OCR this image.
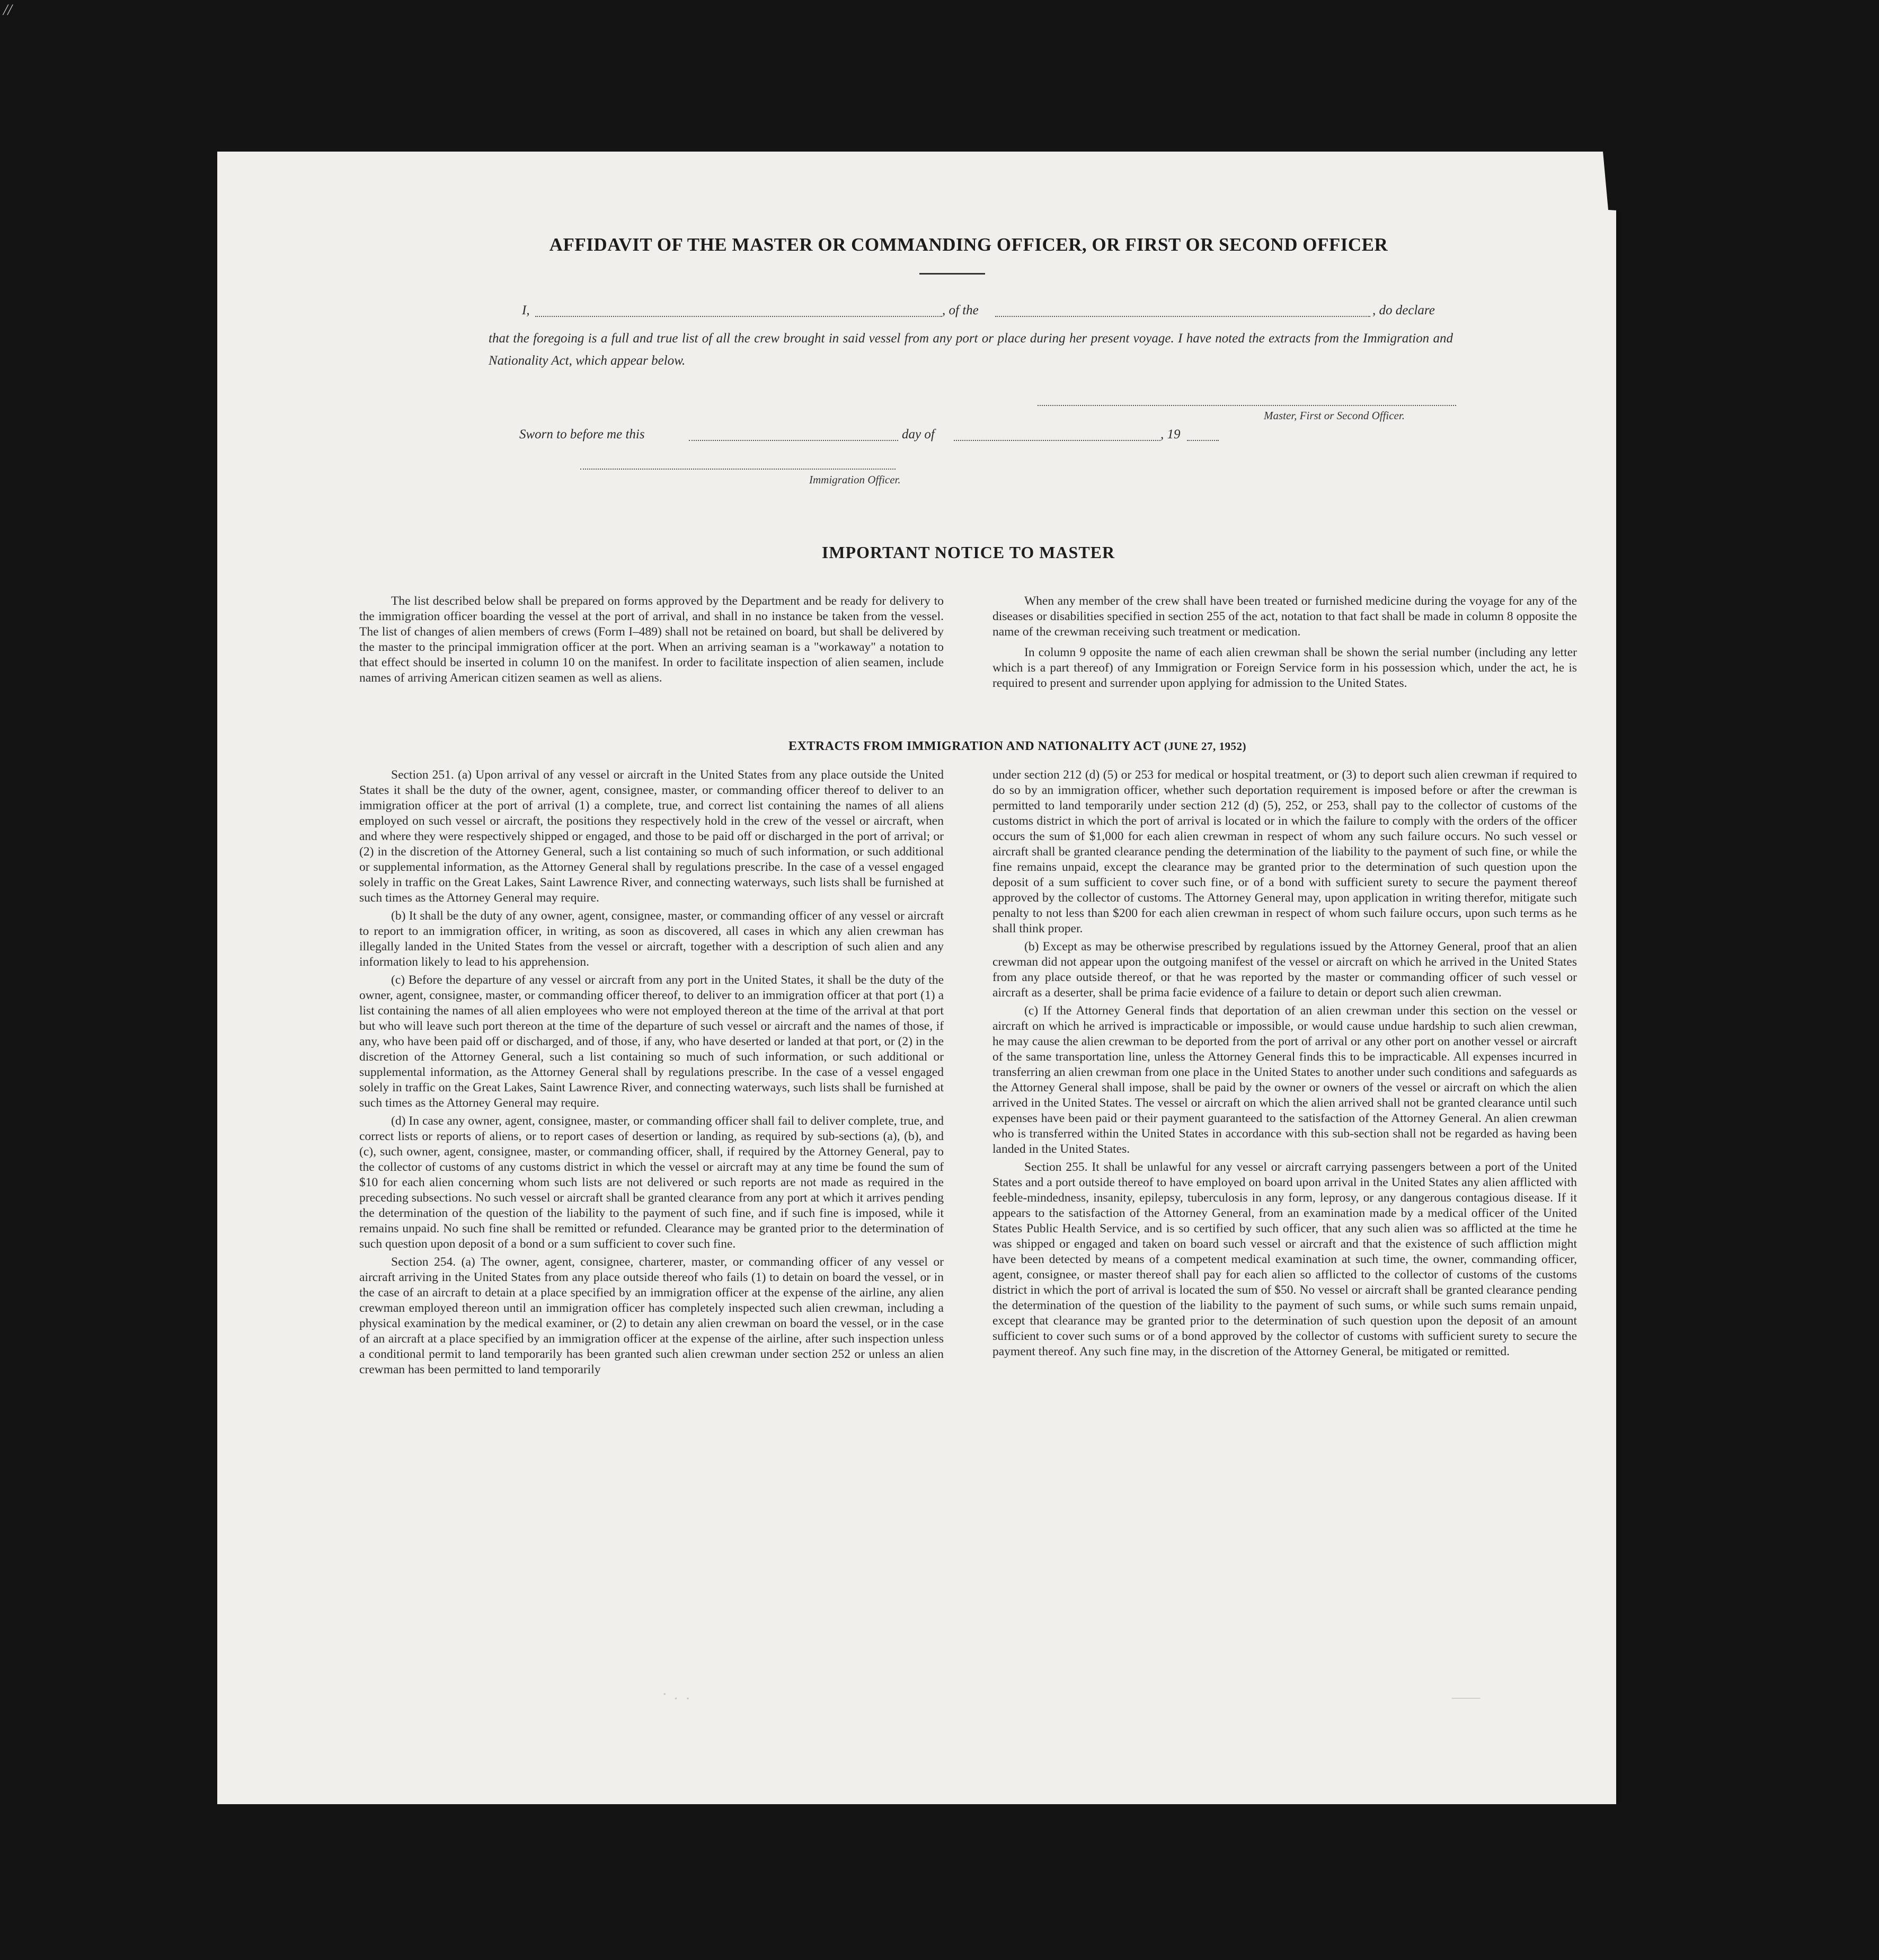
//
AFFIDAVIT OF THE MASTER OR COMMANDING OFFICER, OR FIRST OR SECOND OFFICER
I,	, of the	, do declare
that the foregoing is a full and true list of all the crew brought in said vessel from any port or place during her present voyage. I have noted the extracts from the Immigration and Nationality Act, which appear below.
Master, First or Second Officer.
Sworn to before me this	day of	, 19
Immigration Officer.
IMPORTANT NOTICE TO MASTER

The list described below shall be prepared on forms approved by the Department and be ready for delivery to the immigration officer boarding the vessel at the port of arrival, and shall in no instance be taken from the vessel. The list of changes of alien members of crews (Form I–489) shall not be retained on board, but shall be delivered by the master to the principal immigration officer at the port. When an arriving seaman is a "workaway" a notation to that effect should be inserted in column 10 on the manifest. In order to facilitate inspection of alien seamen, include names of arriving American citizen seamen as well as aliens.

When any member of the crew shall have been treated or furnished medicine during the voyage for any of the diseases or disabilities specified in section 255 of the act, notation to that fact shall be made in column 8 opposite the name of the crewman receiving such treatment or medication.

In column 9 opposite the name of each alien crewman shall be shown the serial number (including any letter which is a part thereof) of any Immigration or Foreign Service form in his possession which, under the act, he is required to present and surrender upon applying for admission to the United States.

EXTRACTS FROM IMMIGRATION AND NATIONALITY ACT (JUNE 27, 1952)

Section 251. (a) Upon arrival of any vessel or aircraft in the United States from any place outside the United States it shall be the duty of the owner, agent, consignee, master, or commanding officer thereof to deliver to an immigration officer at the port of arrival (1) a complete, true, and correct list containing the names of all aliens employed on such vessel or aircraft, the positions they respectively hold in the crew of the vessel or aircraft, when and where they were respectively shipped or engaged, and those to be paid off or discharged in the port of arrival; or (2) in the discretion of the Attorney General, such a list containing so much of such information, or such additional or supplemental information, as the Attorney General shall by regulations prescribe. In the case of a vessel engaged solely in traffic on the Great Lakes, Saint Lawrence River, and connecting waterways, such lists shall be furnished at such times as the Attorney General may require.

(b) It shall be the duty of any owner, agent, consignee, master, or commanding officer of any vessel or aircraft to report to an immigration officer, in writing, as soon as discovered, all cases in which any alien crewman has illegally landed in the United States from the vessel or aircraft, together with a description of such alien and any information likely to lead to his apprehension.

(c) Before the departure of any vessel or aircraft from any port in the United States, it shall be the duty of the owner, agent, consignee, master, or commanding officer thereof, to deliver to an immigration officer at that port (1) a list containing the names of all alien employees who were not employed thereon at the time of the arrival at that port but who will leave such port thereon at the time of the departure of such vessel or aircraft and the names of those, if any, who have been paid off or discharged, and of those, if any, who have deserted or landed at that port, or (2) in the discretion of the Attorney General, such a list containing so much of such information, or such additional or supplemental information, as the Attorney General shall by regulations prescribe. In the case of a vessel engaged solely in traffic on the Great Lakes, Saint Lawrence River, and connecting waterways, such lists shall be furnished at such times as the Attorney General may require.

(d) In case any owner, agent, consignee, master, or commanding officer shall fail to deliver complete, true, and correct lists or reports of aliens, or to report cases of desertion or landing, as required by sub-sections (a), (b), and (c), such owner, agent, consignee, master, or commanding officer, shall, if required by the Attorney General, pay to the collector of customs of any customs district in which the vessel or aircraft may at any time be found the sum of $10 for each alien concerning whom such lists are not delivered or such reports are not made as required in the preceding subsections. No such vessel or aircraft shall be granted clearance from any port at which it arrives pending the determination of the question of the liability to the payment of such fine, and if such fine is imposed, while it remains unpaid. No such fine shall be remitted or refunded. Clearance may be granted prior to the determination of such question upon deposit of a bond or a sum sufficient to cover such fine.

Section 254. (a) The owner, agent, consignee, charterer, master, or commanding officer of any vessel or aircraft arriving in the United States from any place outside thereof who fails (1) to detain on board the vessel, or in the case of an aircraft to detain at a place specified by an immigration officer at the expense of the airline, any alien crewman employed thereon until an immigration officer has completely inspected such alien crewman, including a physical examination by the medical examiner, or (2) to detain any alien crewman on board the vessel, or in the case of an aircraft at a place specified by an immigration officer at the expense of the airline, after such inspection unless a conditional permit to land temporarily has been granted such alien crewman under section 252 or unless an alien crewman has been permitted to land temporarily

under section 212 (d) (5) or 253 for medical or hospital treatment, or (3) to deport such alien crewman if required to do so by an immigration officer, whether such deportation requirement is imposed before or after the crewman is permitted to land temporarily under section 212 (d) (5), 252, or 253, shall pay to the collector of customs of the customs district in which the port of arrival is located or in which the failure to comply with the orders of the officer occurs the sum of $1,000 for each alien crewman in respect of whom any such failure occurs. No such vessel or aircraft shall be granted clearance pending the determination of the liability to the payment of such fine, or while the fine remains unpaid, except the clearance may be granted prior to the determination of such question upon the deposit of a sum sufficient to cover such fine, or of a bond with sufficient surety to secure the payment thereof approved by the collector of customs. The Attorney General may, upon application in writing therefor, mitigate such penalty to not less than $200 for each alien crewman in respect of whom such failure occurs, upon such terms as he shall think proper.

(b) Except as may be otherwise prescribed by regulations issued by the Attorney General, proof that an alien crewman did not appear upon the outgoing manifest of the vessel or aircraft on which he arrived in the United States from any place outside thereof, or that he was reported by the master or commanding officer of such vessel or aircraft as a deserter, shall be prima facie evidence of a failure to detain or deport such alien crewman.

(c) If the Attorney General finds that deportation of an alien crewman under this section on the vessel or aircraft on which he arrived is impracticable or impossible, or would cause undue hardship to such alien crewman, he may cause the alien crewman to be deported from the port of arrival or any other port on another vessel or aircraft of the same transportation line, unless the Attorney General finds this to be impracticable. All expenses incurred in transferring an alien crewman from one place in the United States to another under such conditions and safeguards as the Attorney General shall impose, shall be paid by the owner or owners of the vessel or aircraft on which the alien arrived in the United States. The vessel or aircraft on which the alien arrived shall not be granted clearance until such expenses have been paid or their payment guaranteed to the satisfaction of the Attorney General. An alien crewman who is transferred within the United States in accordance with this sub-section shall not be regarded as having been landed in the United States.

Section 255. It shall be unlawful for any vessel or aircraft carrying passengers between a port of the United States and a port outside thereof to have employed on board upon arrival in the United States any alien afflicted with feeble-mindedness, insanity, epilepsy, tuberculosis in any form, leprosy, or any dangerous contagious disease. If it appears to the satisfaction of the Attorney General, from an examination made by a medical officer of the United States Public Health Service, and is so certified by such officer, that any such alien was so afflicted at the time he was shipped or engaged and taken on board such vessel or aircraft and that the existence of such affliction might have been detected by means of a competent medical examination at such time, the owner, commanding officer, agent, consignee, or master thereof shall pay for each alien so afflicted to the collector of customs of the customs district in which the port of arrival is located the sum of $50. No vessel or aircraft shall be granted clearance pending the determination of the question of the liability to the payment of such sums, or while such sums remain unpaid, except that clearance may be granted prior to the determination of such question upon the deposit of an amount sufficient to cover such sums or of a bond approved by the collector of customs with sufficient surety to secure the payment thereof. Any such fine may, in the discretion of the Attorney General, be mitigated or remitted.

∙  .  .	——
